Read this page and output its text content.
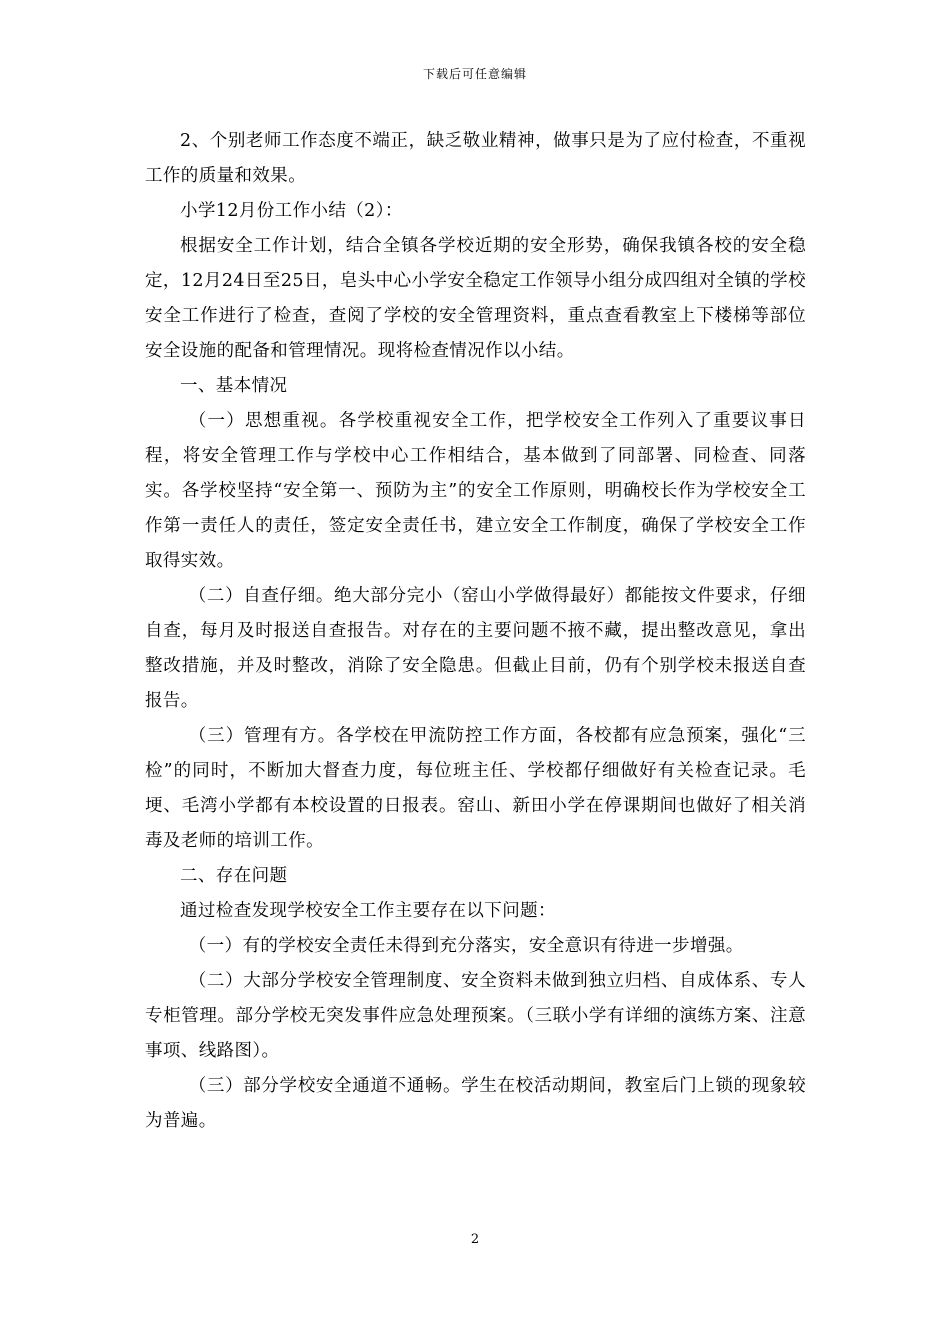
下载后可任意编辑

2、个别老师工作态度不端正，缺乏敬业精神，做事只是为了应付检查，不重视工作的质量和效果。

小学12月份工作小结（2）：

根据安全工作计划，结合全镇各学校近期的安全形势，确保我镇各校的安全稳定，12月24日至25日，皂头中心小学安全稳定工作领导小组分成四组对全镇的学校安全工作进行了检查，查阅了学校的安全管理资料，重点查看教室上下楼梯等部位安全设施的配备和管理情况。现将检查情况作以小结。

一、基本情况

（一）思想重视。各学校重视安全工作，把学校安全工作列入了重要议事日程，将安全管理工作与学校中心工作相结合，基本做到了同部署、同检查、同落实。各学校坚持“安全第一、预防为主”的安全工作原则，明确校长作为学校安全工作第一责任人的责任，签定安全责任书，建立安全工作制度，确保了学校安全工作取得实效。

（二）自查仔细。绝大部分完小（窑山小学做得最好）都能按文件要求，仔细自查，每月及时报送自查报告。对存在的主要问题不掖不藏，提出整改意见，拿出整改措施，并及时整改，消除了安全隐患。但截止目前，仍有个别学校未报送自查报告。

（三）管理有方。各学校在甲流防控工作方面，各校都有应急预案，强化“三检”的同时，不断加大督查力度，每位班主任、学校都仔细做好有关检查记录。毛埂、毛湾小学都有本校设置的日报表。窑山、新田小学在停课期间也做好了相关消毒及老师的培训工作。

二、存在问题

通过检查发现学校安全工作主要存在以下问题：

（一）有的学校安全责任未得到充分落实，安全意识有待进一步增强。

（二）大部分学校安全管理制度、安全资料未做到独立归档、自成体系、专人专柜管理。部分学校无突发事件应急处理预案。（三联小学有详细的演练方案、注意事项、线路图）。

（三）部分学校安全通道不通畅。学生在校活动期间，教室后门上锁的现象较为普遍。

2
